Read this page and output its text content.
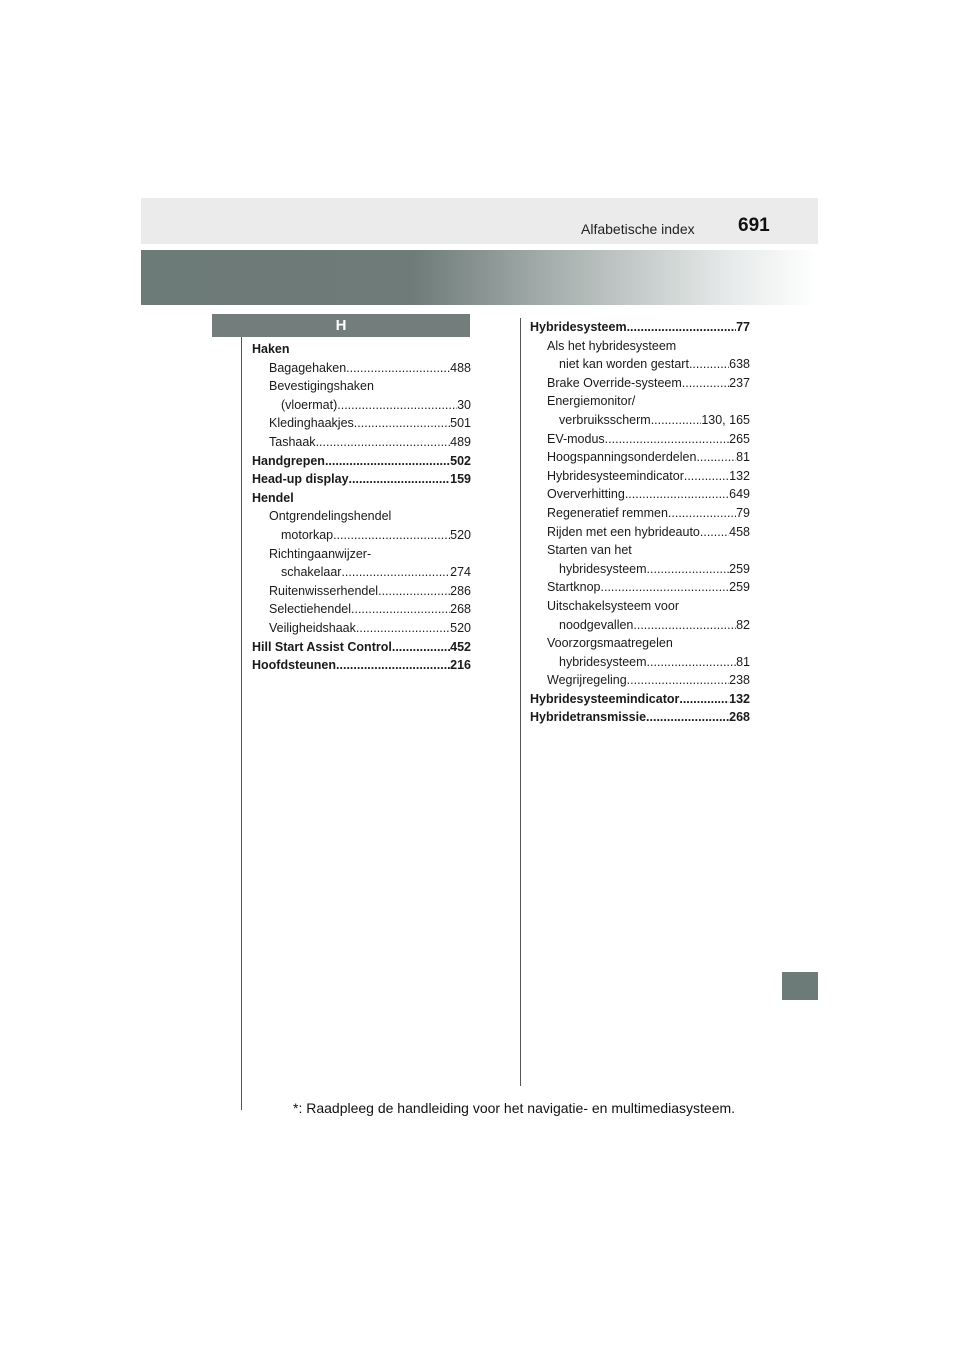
Alfabetische index 691
H
Haken
Bagagehaken .....	488
Bevestigingshaken
(vloermat) .....	30
Kledinghaakjes .....	501
Tashaak .....	489
Handgrepen .....	502
Head-up display .....	159
Hendel
Ontgrendelingshendel
motorkap .....	520
Richtingaanwijzer-
schakelaar .....	274
Ruitenwisserhendel .....	286
Selectiehendel .....	268
Veiligheidshaak .....	520
Hill Start Assist Control .....	452
Hoofdsteunen .....	216
Hybridesysteem .....	77
Als het hybridesysteem
niet kan worden gestart .....	638
Brake Override-systeem .....	237
Energiemonitor/
verbruiksscherm .....	130, 165
EV-modus .....	265
Hoogspanningsonderdelen .....	81
Hybridesysteemindicator .....	132
Oververhitting .....	649
Regeneratief remmen .....	79
Rijden met een hybrideauto ..... 458
Starten van het
hybridesysteem .....	259
Startknop .....	259
Uitschakelsysteem voor
noodgevallen .....	82
Voorzorgsmaatregelen
hybridesysteem .....	81
Wegrijregeling .....	238
Hybridesysteemindicator .....	132
Hybridetransmissie .....	268
*: Raadpleeg de handleiding voor het navigatie- en multimediasysteem.
